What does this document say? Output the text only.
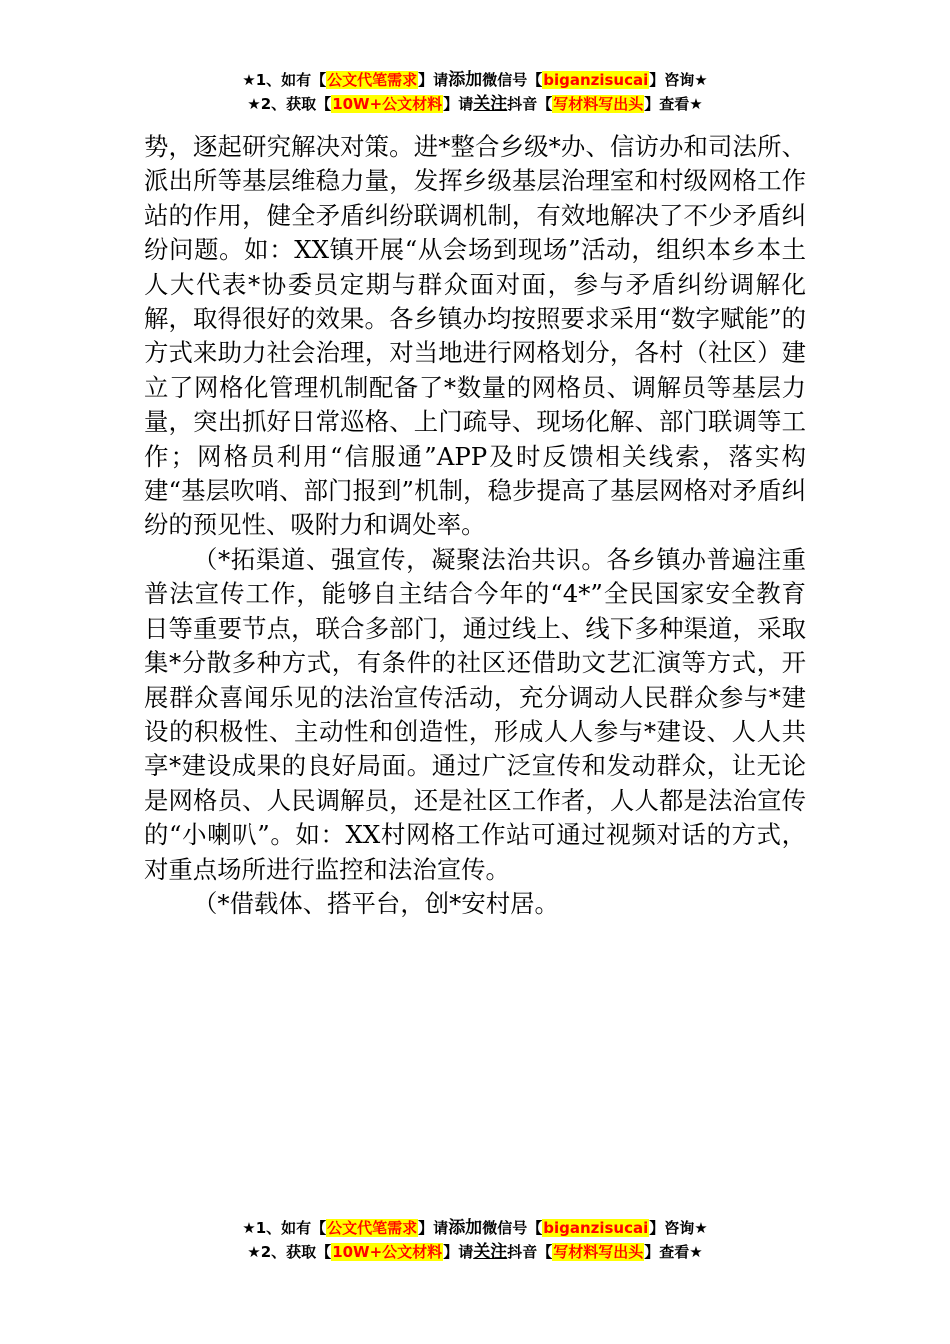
★1、如有【公文代笔需求】请添加微信号【biganzisucai】咨询★
★2、获取【10W+公文材料】请关注抖音【写材料写出头】查看★

势，逐起研究解决对策。进*整合乡级*办、信访办和司法所、派出所等基层维稳力量，发挥乡级基层治理室和村级网格工作站的作用，健全矛盾纠纷联调机制，有效地解决了不少矛盾纠纷问题。如：XX镇开展“从会场到现场”活动，组织本乡本土人大代表*协委员定期与群众面对面，参与矛盾纠纷调解化解，取得很好的效果。各乡镇办均按照要求采用“数字赋能”的方式来助力社会治理，对当地进行网格划分，各村（社区）建立了网格化管理机制配备了*数量的网格员、调解员等基层力量，突出抓好日常巡格、上门疏导、现场化解、部门联调等工作；网格员利用“信服通”APP及时反馈相关线索，落实构建“基层吹哨、部门报到”机制，稳步提高了基层网格对矛盾纠纷的预见性、吸附力和调处率。

（*拓渠道、强宣传，凝聚法治共识。各乡镇办普遍注重普法宣传工作，能够自主结合今年的“4*”全民国家安全教育日等重要节点，联合多部门，通过线上、线下多种渠道，采取集*分散多种方式，有条件的社区还借助文艺汇演等方式，开展群众喜闻乐见的法治宣传活动，充分调动人民群众参与*建设的积极性、主动性和创造性，形成人人参与*建设、人人共享*建设成果的良好局面。通过广泛宣传和发动群众，让无论是网格员、人民调解员，还是社区工作者，人人都是法治宣传的“小喇叭”。如：XX村网格工作站可通过视频对话的方式，对重点场所进行监控和法治宣传。

（*借载体、搭平台，创*安村居。

★1、如有【公文代笔需求】请添加微信号【biganzisucai】咨询★
★2、获取【10W+公文材料】请关注抖音【写材料写出头】查看★
